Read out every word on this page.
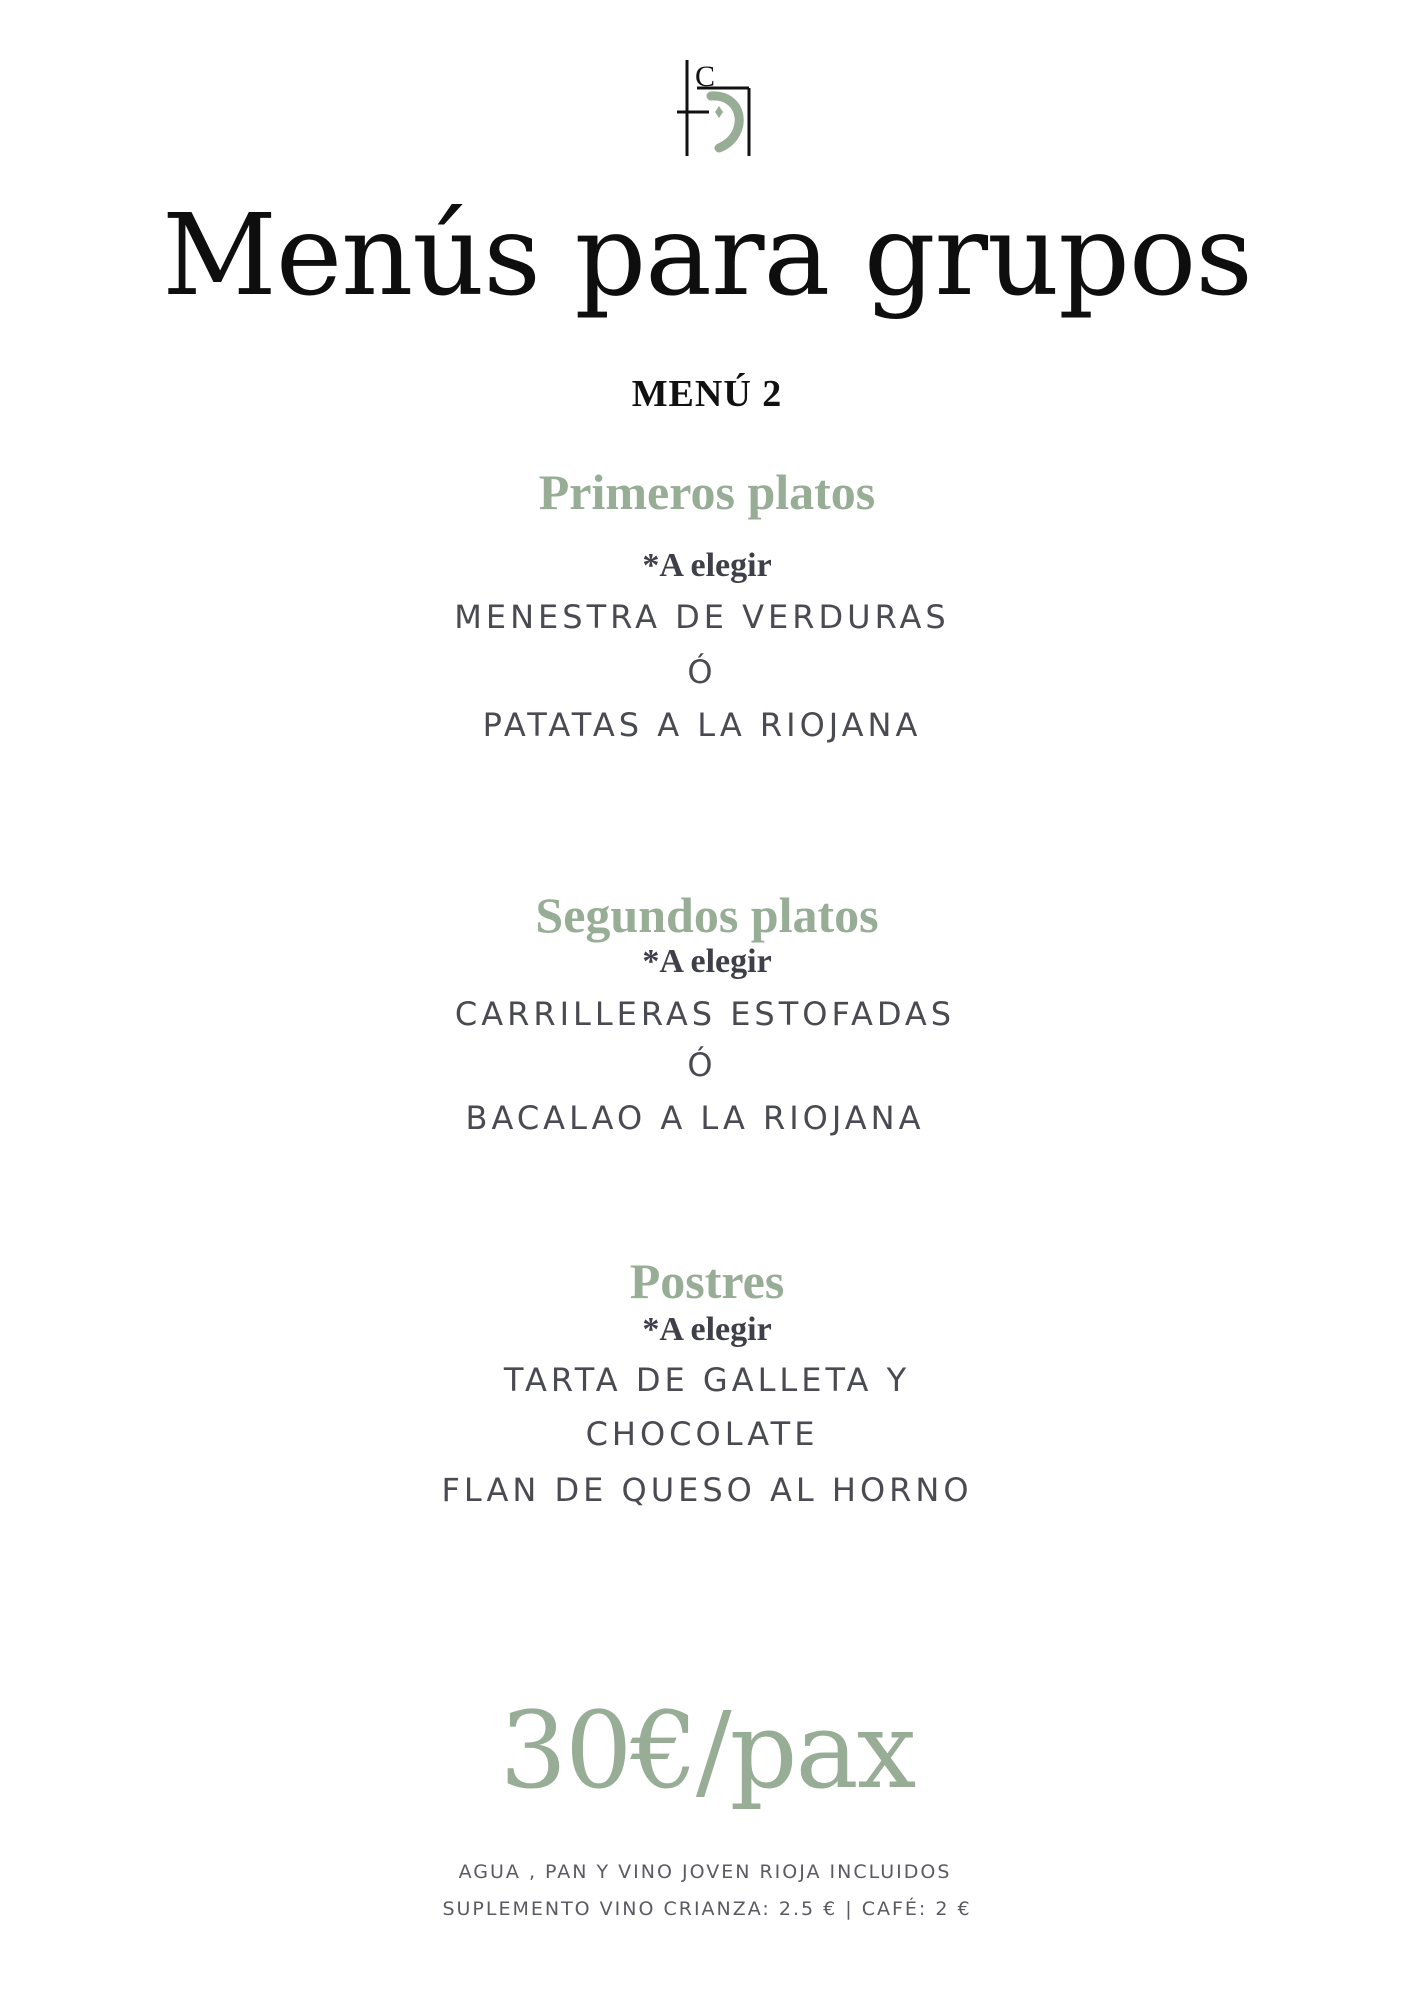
C
Menús para grupos
MENÚ 2
Primeros platos
*A elegir
MENESTRA DE VERDURAS
Ó
PATATAS A LA RIOJANA
Segundos platos
*A elegir
CARRILLERAS ESTOFADAS
Ó
BACALAO A LA RIOJANA
Postres
*A elegir
TARTA DE GALLETA Y
CHOCOLATE
FLAN DE QUESO AL HORNO
30€/pax
AGUA , PAN Y VINO JOVEN RIOJA INCLUIDOS
SUPLEMENTO VINO CRIANZA: 2.5 € | CAFÉ: 2 €
